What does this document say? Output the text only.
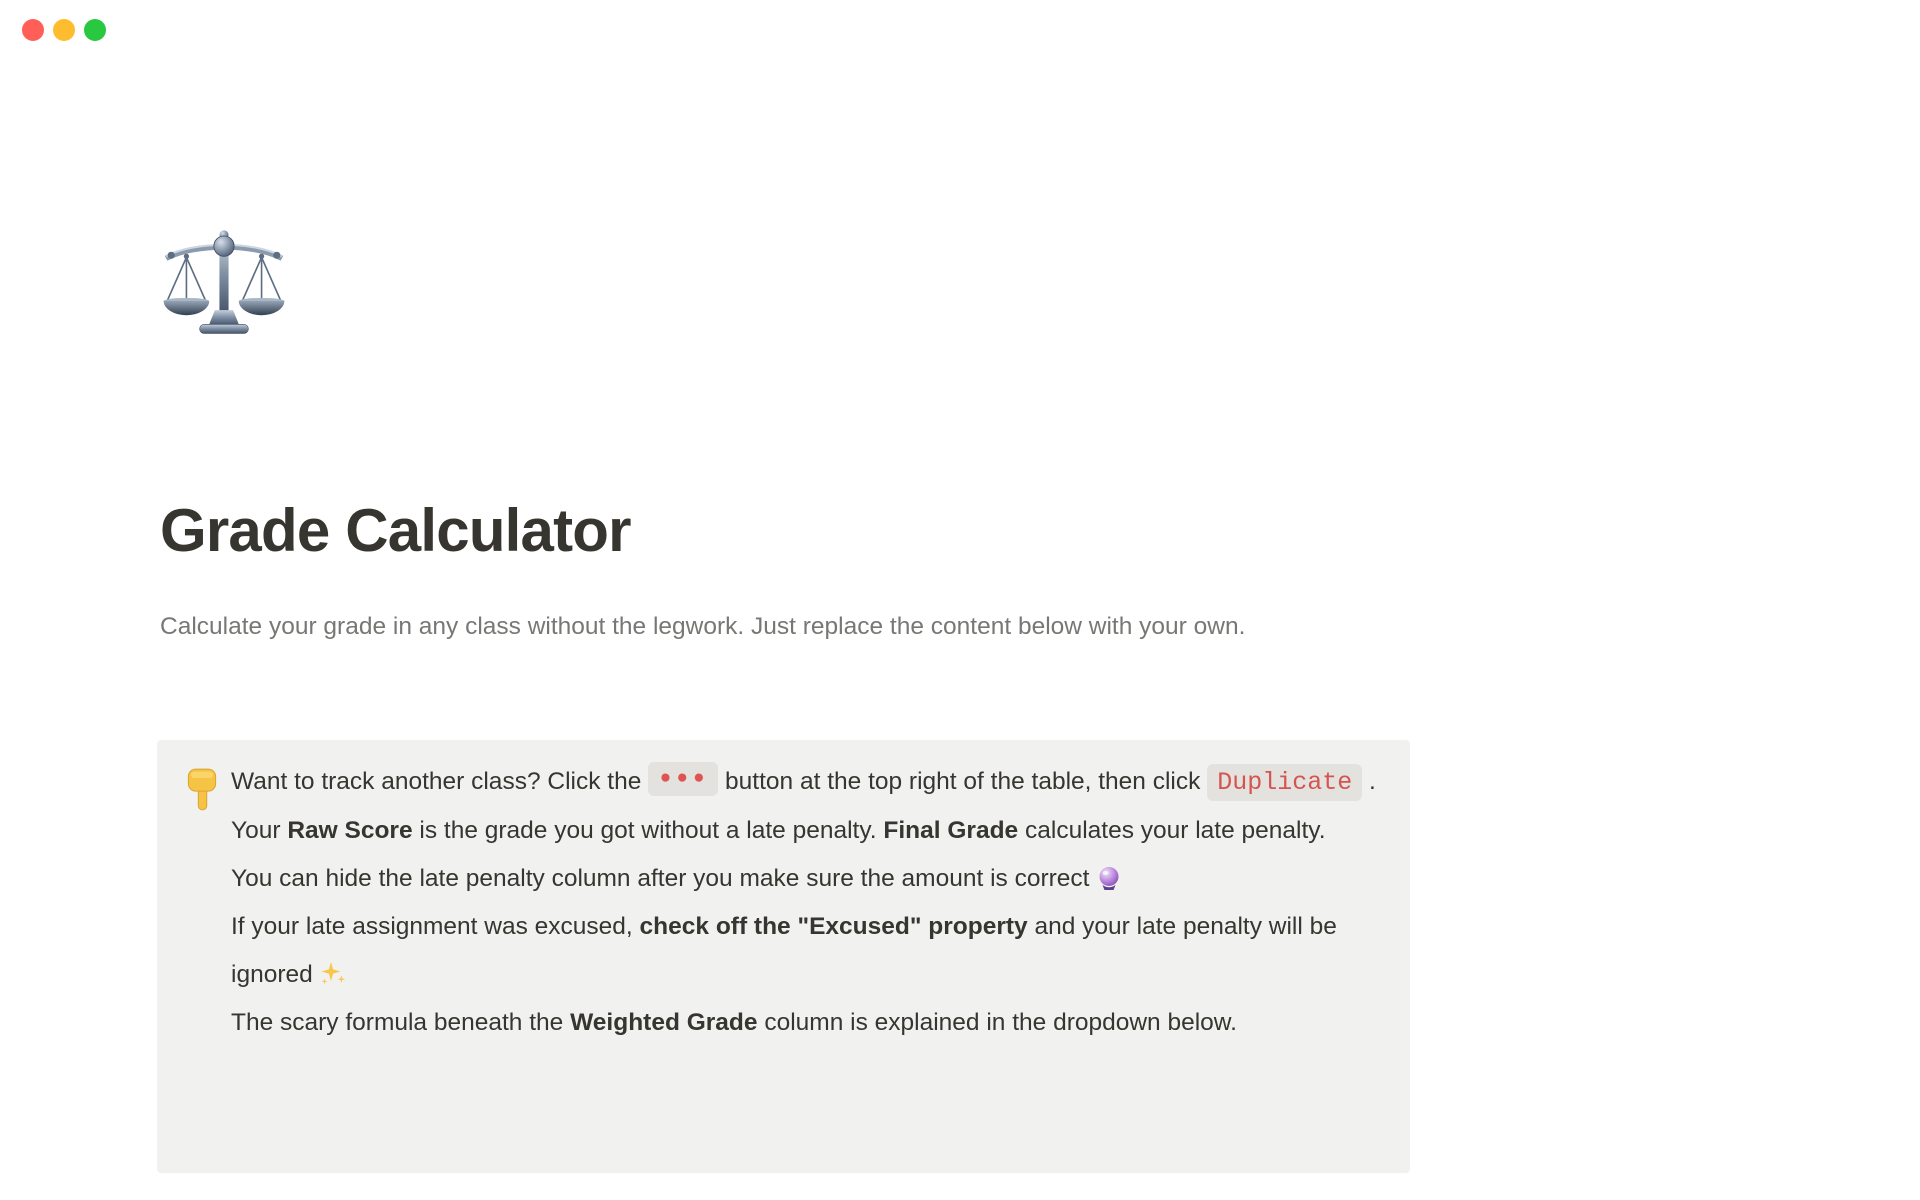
Grade Calculator
Calculate your grade in any class without the legwork. Just replace the content below with your own.

Want to track another class? Click the ••• button at the top right of the table, then click Duplicate .

Your Raw Score is the grade you got without a late penalty. Final Grade calculates your late penalty.
You can hide the late penalty column after you make sure the amount is correct
If your late assignment was excused, check off the "Excused" property and your late penalty will be ignored
The scary formula beneath the Weighted Grade column is explained in the dropdown below.
